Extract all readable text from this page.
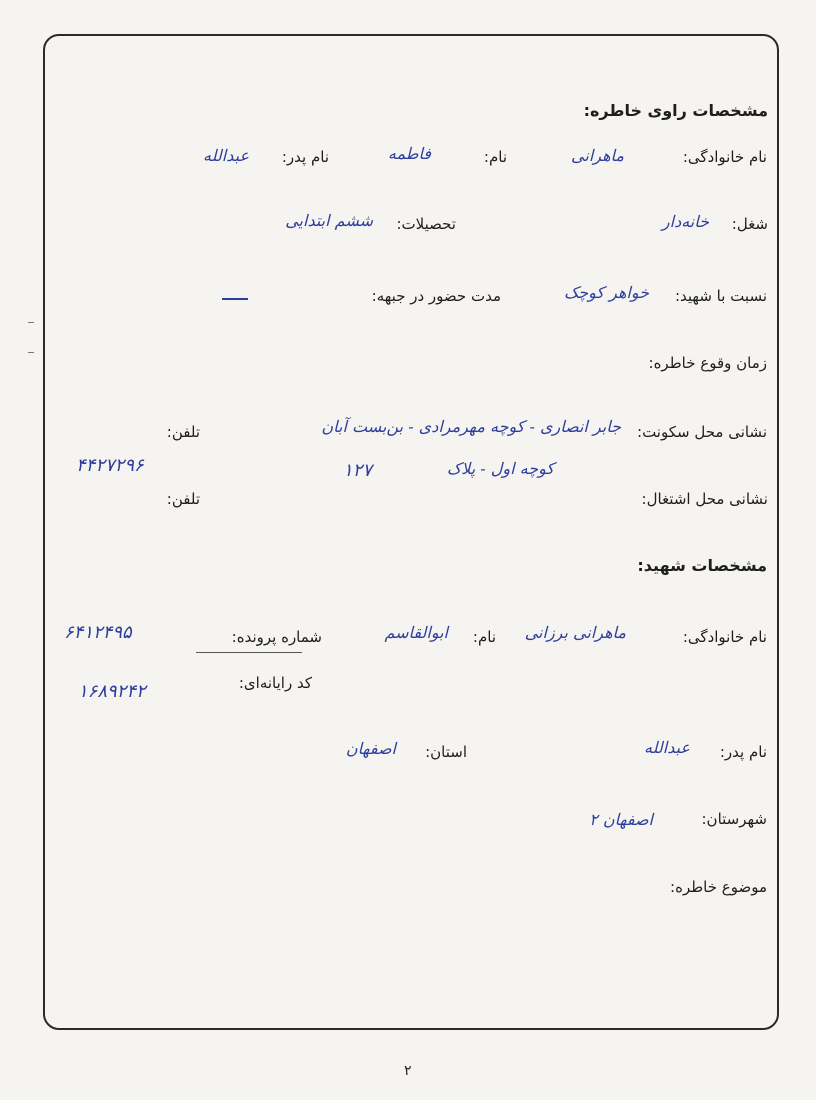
مشخصات راوی خاطره:
نام خانوادگی:
ماهرانی
نام:
فاطمه
نام پدر:
عبدالله
شغل:
خانه‌دار
تحصیلات:
ششم ابتدایی
نسبت با شهید:
خواهر کوچک
مدت حضور در جبهه:
زمان وقوع خاطره:
نشانی محل سکونت:
جابر انصاری - کوچه مهرمرادی - بن‌بست آبان
تلفن:
۴۴۲۷۲۹۶	کوچه اول - پلاک
۱۲۷
نشانی محل اشتغال:
تلفن:
مشخصات شهید:
نام خانوادگی:
ماهرانی برزانی
نام:
ابوالقاسم
شماره پرونده:
۶۴۱۲۴۹۵
کد رایانه‌ای:
۱۶۸۹۲۴۲
نام پدر:
عبدالله
استان:
اصفهان
شهرستان:
اصفهان ۲
موضوع خاطره:
۲
